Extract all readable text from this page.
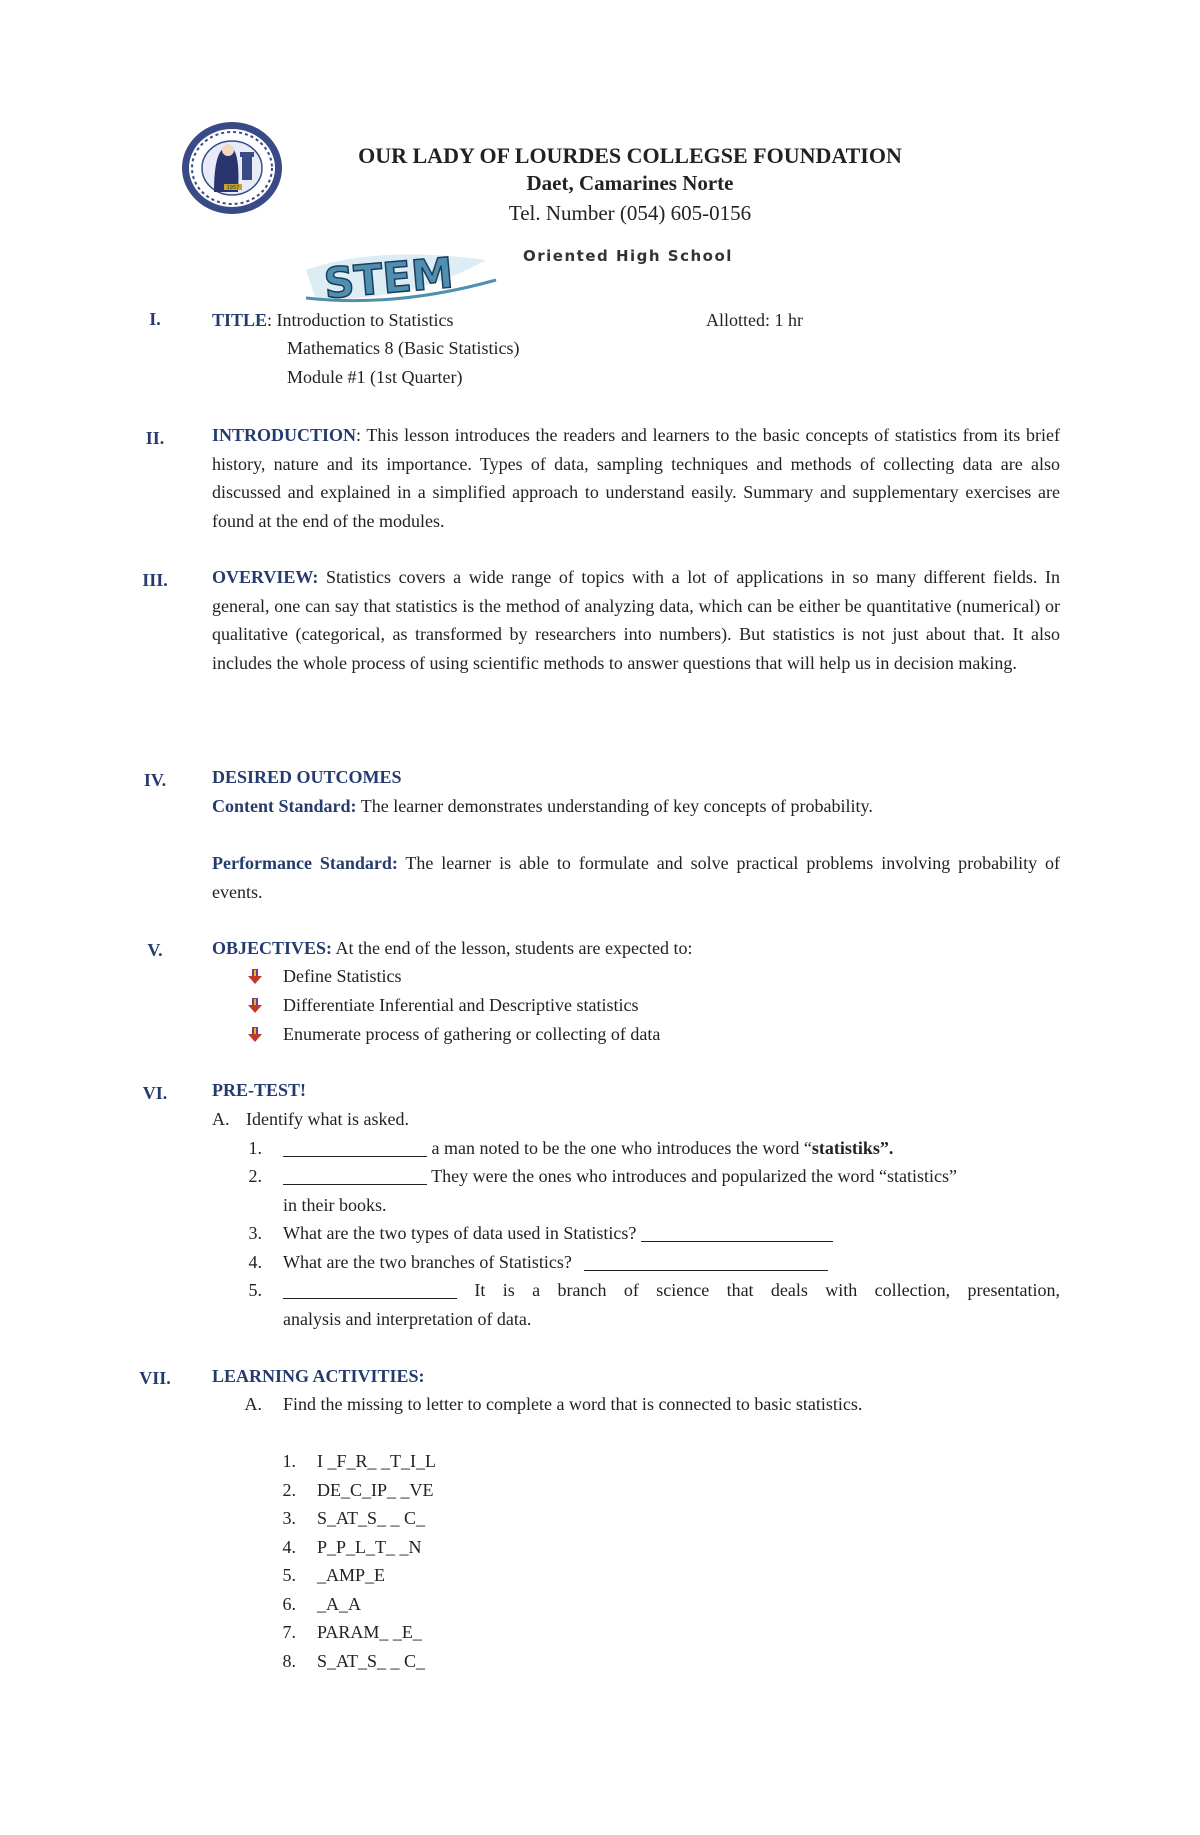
1957
OUR LADY OF LOURDES COLLEGSE FOUNDATION
Daet, Camarines Norte
Tel. Number (054) 605-0156
STEM	Oriented High School
I.	TITLE: Introduction to Statistics	Allotted: 1 hr
Mathematics 8 (Basic Statistics)
Module #1 (1st Quarter)
II.	INTRODUCTION: This lesson introduces the readers and learners to the basic concepts of statistics from its brief history, nature and its importance. Types of data, sampling techniques and methods of collecting data are also discussed and explained in a simplified approach to understand easily. Summary and supplementary exercises are found at the end of the modules.
III.	OVERVIEW: Statistics covers a wide range of topics with a lot of applications in so many different fields. In general, one can say that statistics is the method of analyzing data, which can be either be quantitative (numerical) or qualitative (categorical, as transformed by researchers into numbers). But statistics is not just about that. It also includes the whole process of using scientific methods to answer questions that will help us in decision making.
IV.	DESIRED OUTCOMES
Content Standard: The learner demonstrates understanding of key concepts of probability.
Performance Standard: The learner is able to formulate and solve practical problems involving probability of events.
V.	OBJECTIVES: At the end of the lesson, students are expected to:
Define Statistics
Differentiate Inferential and Descriptive statistics
Enumerate process of gathering or collecting of data
VI.	PRE-TEST!
A. Identify what is asked.
1.	a man noted to be the one who introduces the word “statistiks”.
2.	They were the ones who introduces and popularized the word “statistics”
in their books.
3. What are the two types of data used in Statistics?
4. What are the two branches of Statistics?
5.	It is a branch of science that deals with collection, presentation,
analysis and interpretation of data.
VII.	LEARNING ACTIVITIES:
A. Find the missing to letter to complete a word that is connected to basic statistics.
1. I _F_R_ _T_I_L
2. DE_C_IP_ _VE
3. S_AT_S_ _ C_
4. P_P_L_T_ _N
5. _AMP_E
6. _A_A
7. PARAM_ _E_
8. S_AT_S_ _ C_
